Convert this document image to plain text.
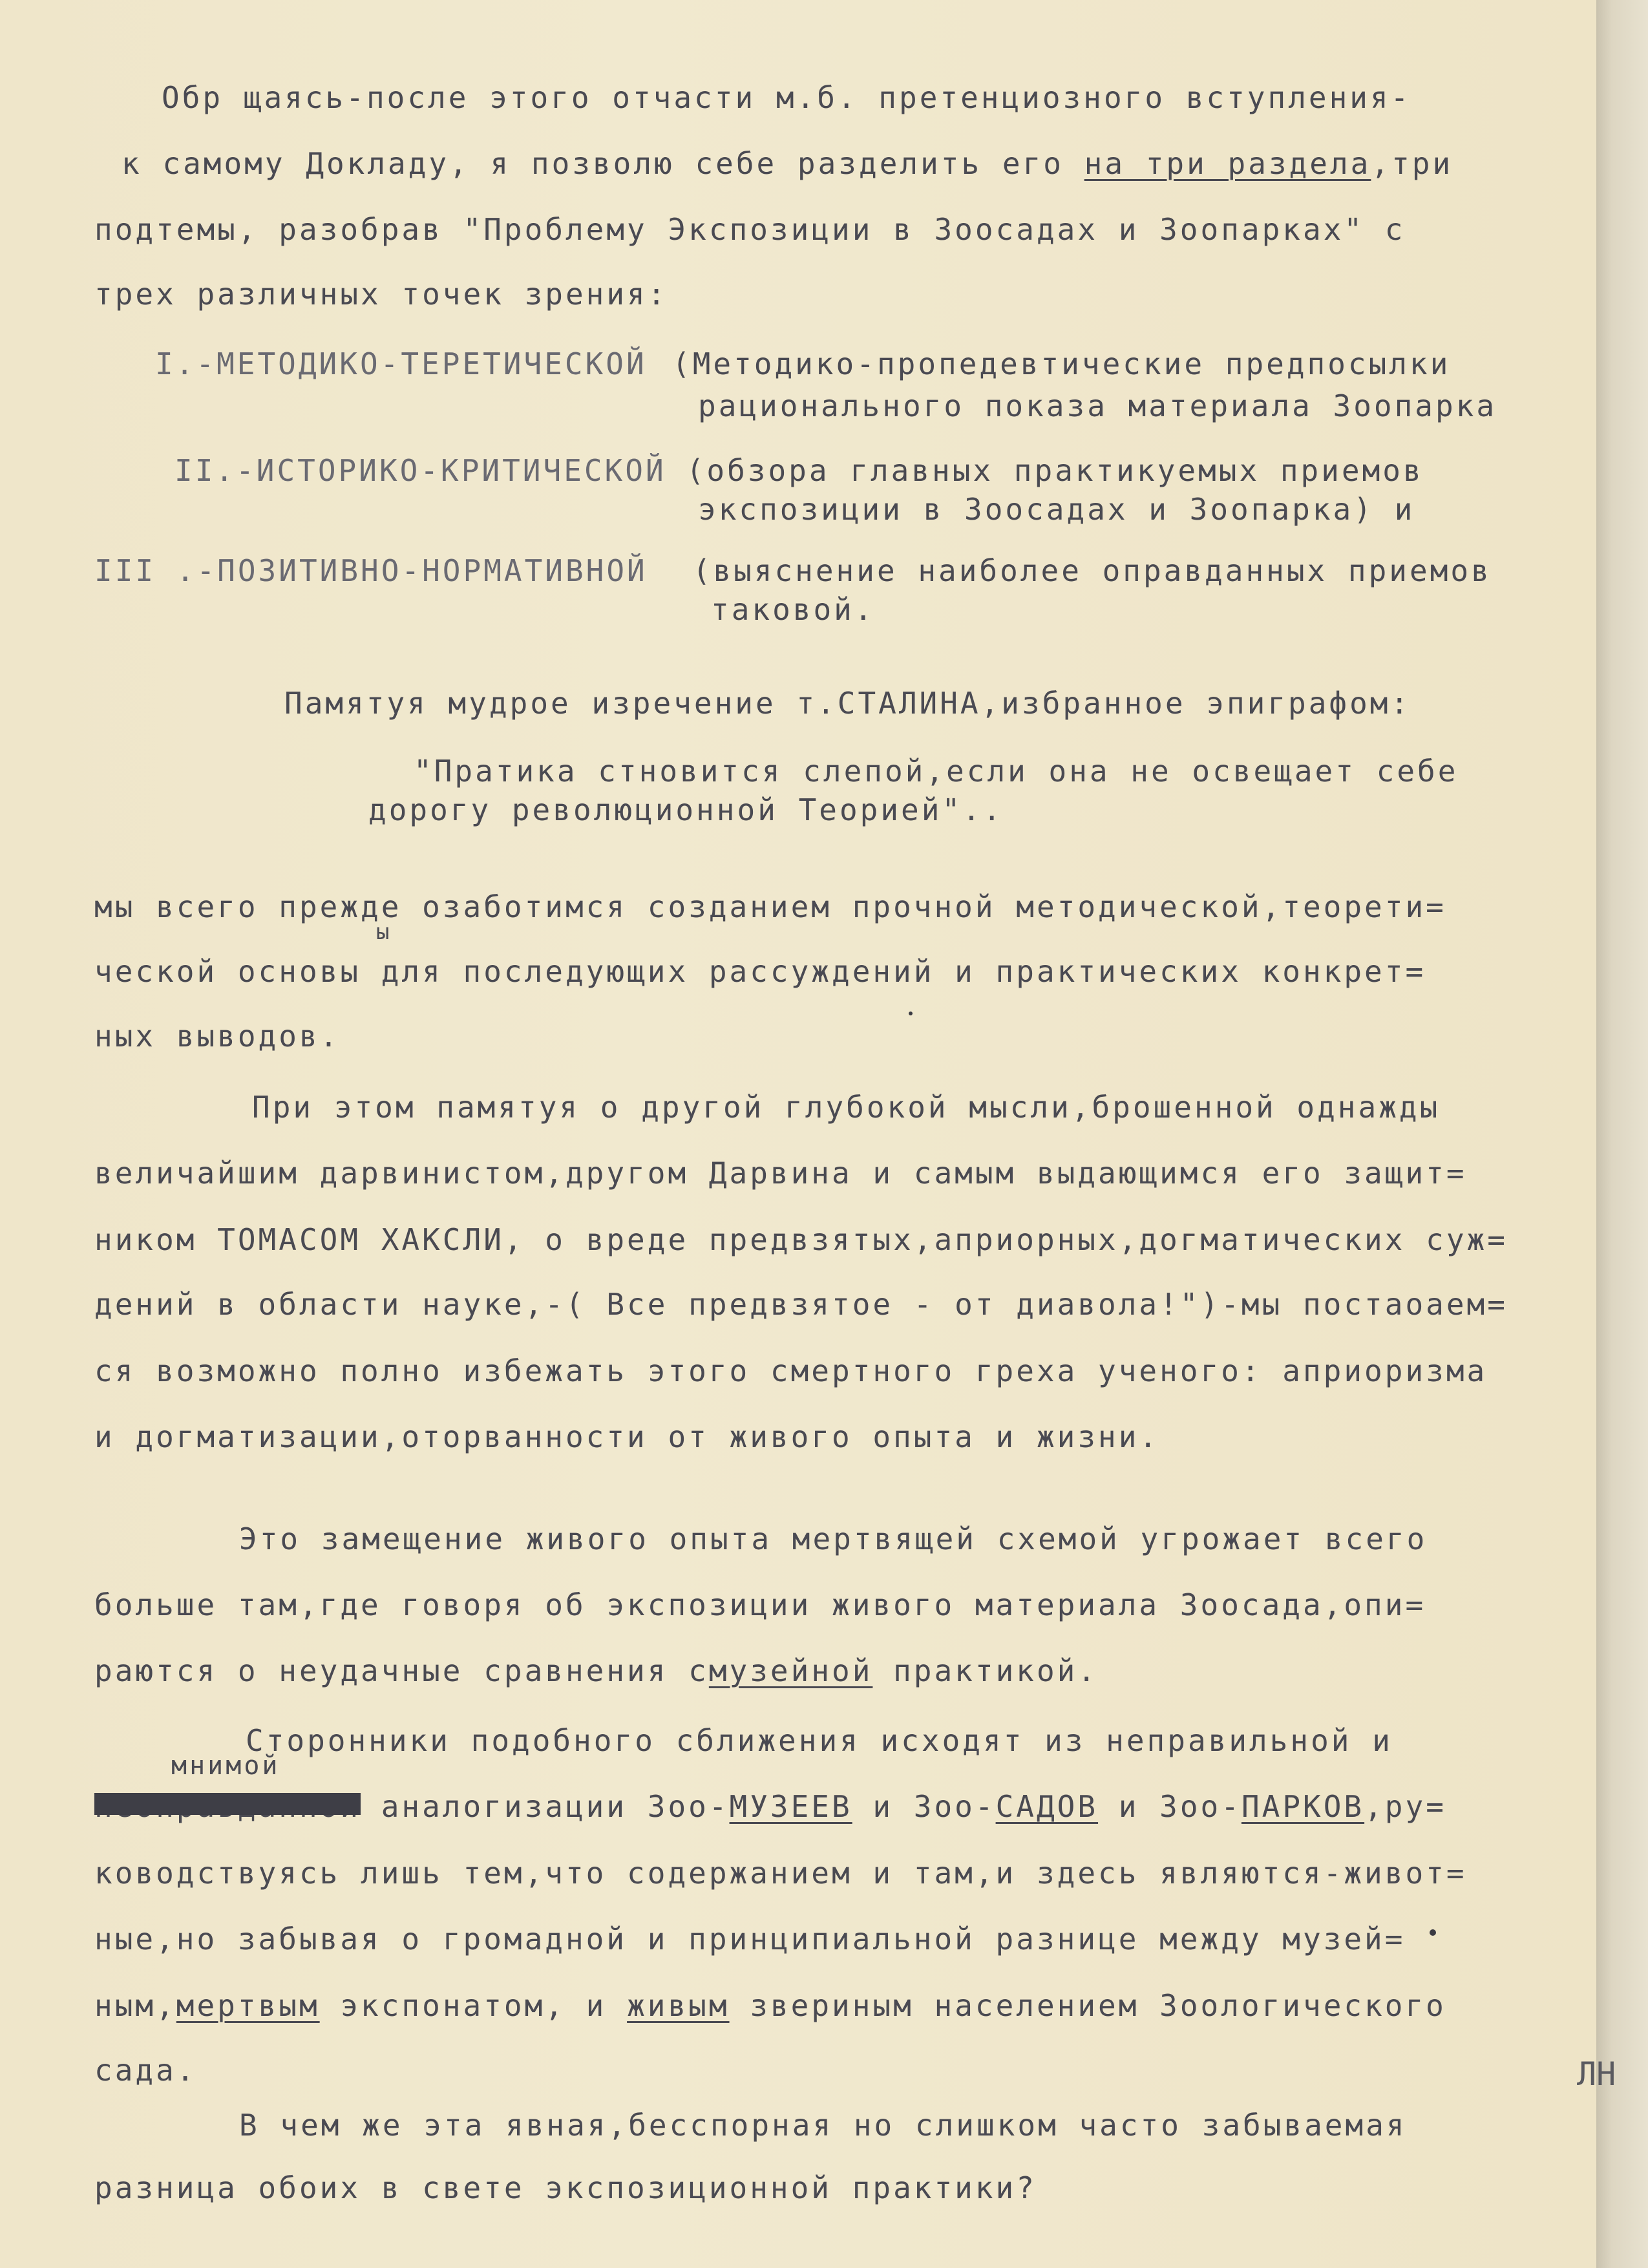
ЛН
Обр щаясь-после этого отчасти м.б. претенциозного вступления-
к самому Докладу, я позволю себе разделить его на три раздела,три
подтемы, разобрав "Проблему Экспозиции в Зоосадах и Зоопарках" с
трех различных точек зрения:
I.-МЕТОДИКО-ТЕРЕТИЧЕСКОЙ (Методико-пропедевтические предпосылки
рационального показа материала Зоопарка
II.-ИСТОРИКО-КРИТИЧЕСКОЙ (обзора главных практикуемых приемов
экспозиции в Зоосадах и Зоопарка) и
III .-ПОЗИТИВНО-НОРМАТИВНОЙ (выяснение наиболее оправданных приемов
таковой.
Памятуя мудрое изречение т.СТАЛИНА,избранное эпиграфом:
"Пратика стновится слепой,если она не освещает себе
дорогу революционной Теорией"..
мы всего прежде озаботимся созданием прочной методической,теорети=
ы
ческой основы для последующих рассуждений и практических конкрет=
ных выводов.
При этом памятуя о другой глубокой мысли,брошенной однажды
величайшим дарвинистом,другом Дарвина и самым выдающимся его защит=
ником ТОМАСОМ ХАКСЛИ, о вреде предвзятых,априорных,догматических суж=
дений в области науке,-( Все предвзятое - от диавола!")-мы постаоаем=
ся возможно полно избежать этого смертного греха ученого: априоризма
и догматизации,оторванности от живого опыта и жизни.
Это замещение живого опыта мертвящей схемой угрожает всего
больше там,где говоря об экспозиции живого материала Зоосада,опи=
раются о неудачные сравнения смузейной практикой.
Сторонники подобного сближения исходят из неправильной и
мнимой
аналогизации Зоо-МУЗЕЕВ и Зоо-САДОВ и Зоо-ПАРКОВ,ру=
ководствуясь лишь тем,что содержанием и там,и здесь являются-живот=
ные,но забывая о громадной и принципиальной разнице между музей=
ным,мертвым экспонатом, и живым звериным населением Зоологического
сада.
В чем же эта явная,бесспорная но слишком часто забываемая
разница обоих в свете экспозиционной практики?
